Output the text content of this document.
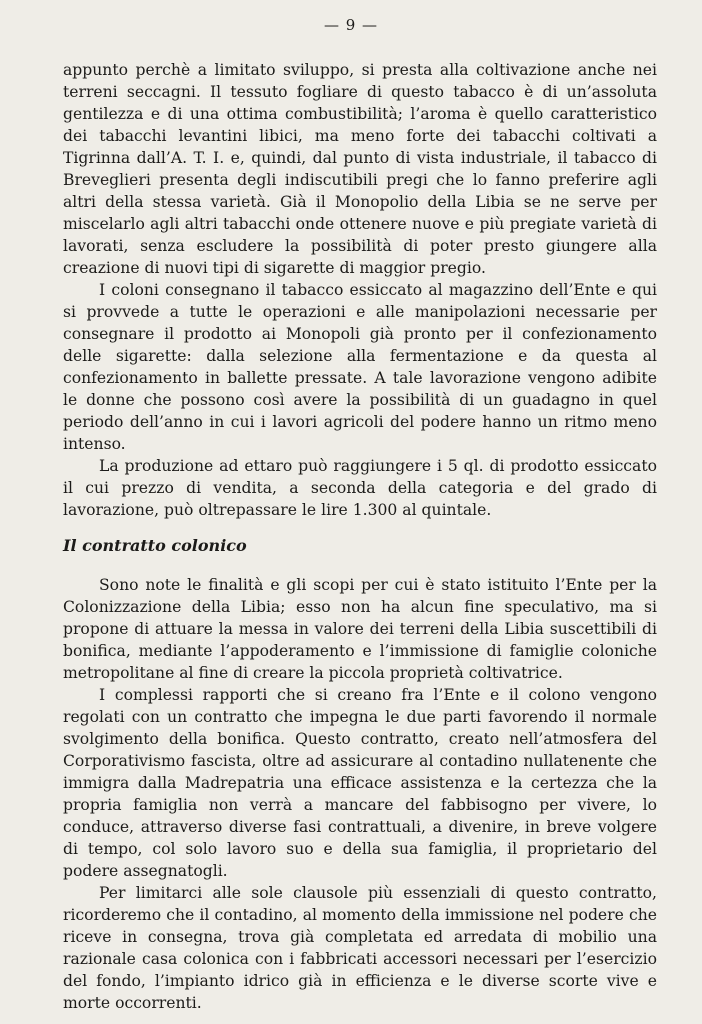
— 9 —

appunto perchè a limitato sviluppo, si presta alla coltivazione anche nei terreni seccagni. Il tessuto fogliare di questo tabacco è di un’assoluta gentilezza e di una ottima combustibilità; l’aroma è quello caratteristico dei tabacchi levantini libici, ma meno forte dei tabacchi coltivati a Tigrinna dall’A. T. I. e, quindi, dal punto di vista industriale, il tabacco di Breveglieri presenta degli indiscutibili pregi che lo fanno preferire agli altri della stessa varietà. Già il Monopolio della Libia se ne serve per miscelarlo agli altri tabacchi onde ottenere nuove e più pregiate varietà di lavorati, senza escludere la possibilità di poter presto giungere alla creazione di nuovi tipi di sigarette di maggior pregio.

I coloni consegnano il tabacco essiccato al magazzino dell’Ente e qui si provvede a tutte le operazioni e alle manipolazioni necessarie per consegnare il prodotto ai Monopoli già pronto per il confezionamento delle sigarette: dalla selezione alla fermentazione e da questa al confezionamento in ballette pressate. A tale lavorazione vengono adibite le donne che possono così avere la possibilità di un guadagno in quel periodo dell’anno in cui i lavori agricoli del podere hanno un ritmo meno intenso.

La produzione ad ettaro può raggiungere i 5 ql. di prodotto essiccato il cui prezzo di vendita, a seconda della categoria e del grado di lavorazione, può oltrepassare le lire 1.300 al quintale.

Il contratto colonico

Sono note le finalità e gli scopi per cui è stato istituito l’Ente per la Colonizzazione della Libia; esso non ha alcun fine speculativo, ma si propone di attuare la messa in valore dei terreni della Libia suscettibili di bonifica, mediante l’appoderamento e l’immissione di famiglie coloniche metropolitane al fine di creare la piccola proprietà coltivatrice.

I complessi rapporti che si creano fra l’Ente e il colono vengono regolati con un contratto che impegna le due parti favorendo il normale svolgimento della bonifica. Questo contratto, creato nell’atmosfera del Corporativismo fascista, oltre ad assicurare al contadino nullatenente che immigra dalla Madrepatria una efficace assistenza e la certezza che la propria famiglia non verrà a mancare del fabbisogno per vivere, lo conduce, attraverso diverse fasi contrattuali, a divenire, in breve volgere di tempo, col solo lavoro suo e della sua famiglia, il proprietario del podere assegnatogli.

Per limitarci alle sole clausole più essenziali di questo contratto, ricorderemo che il contadino, al momento della immissione nel podere che riceve in consegna, trova già completata ed arredata di mobilio una razionale casa colonica con i fabbricati accessori necessari per l’esercizio del fondo, l’impianto idrico già in efficienza e le diverse scorte vive e morte occorrenti.
